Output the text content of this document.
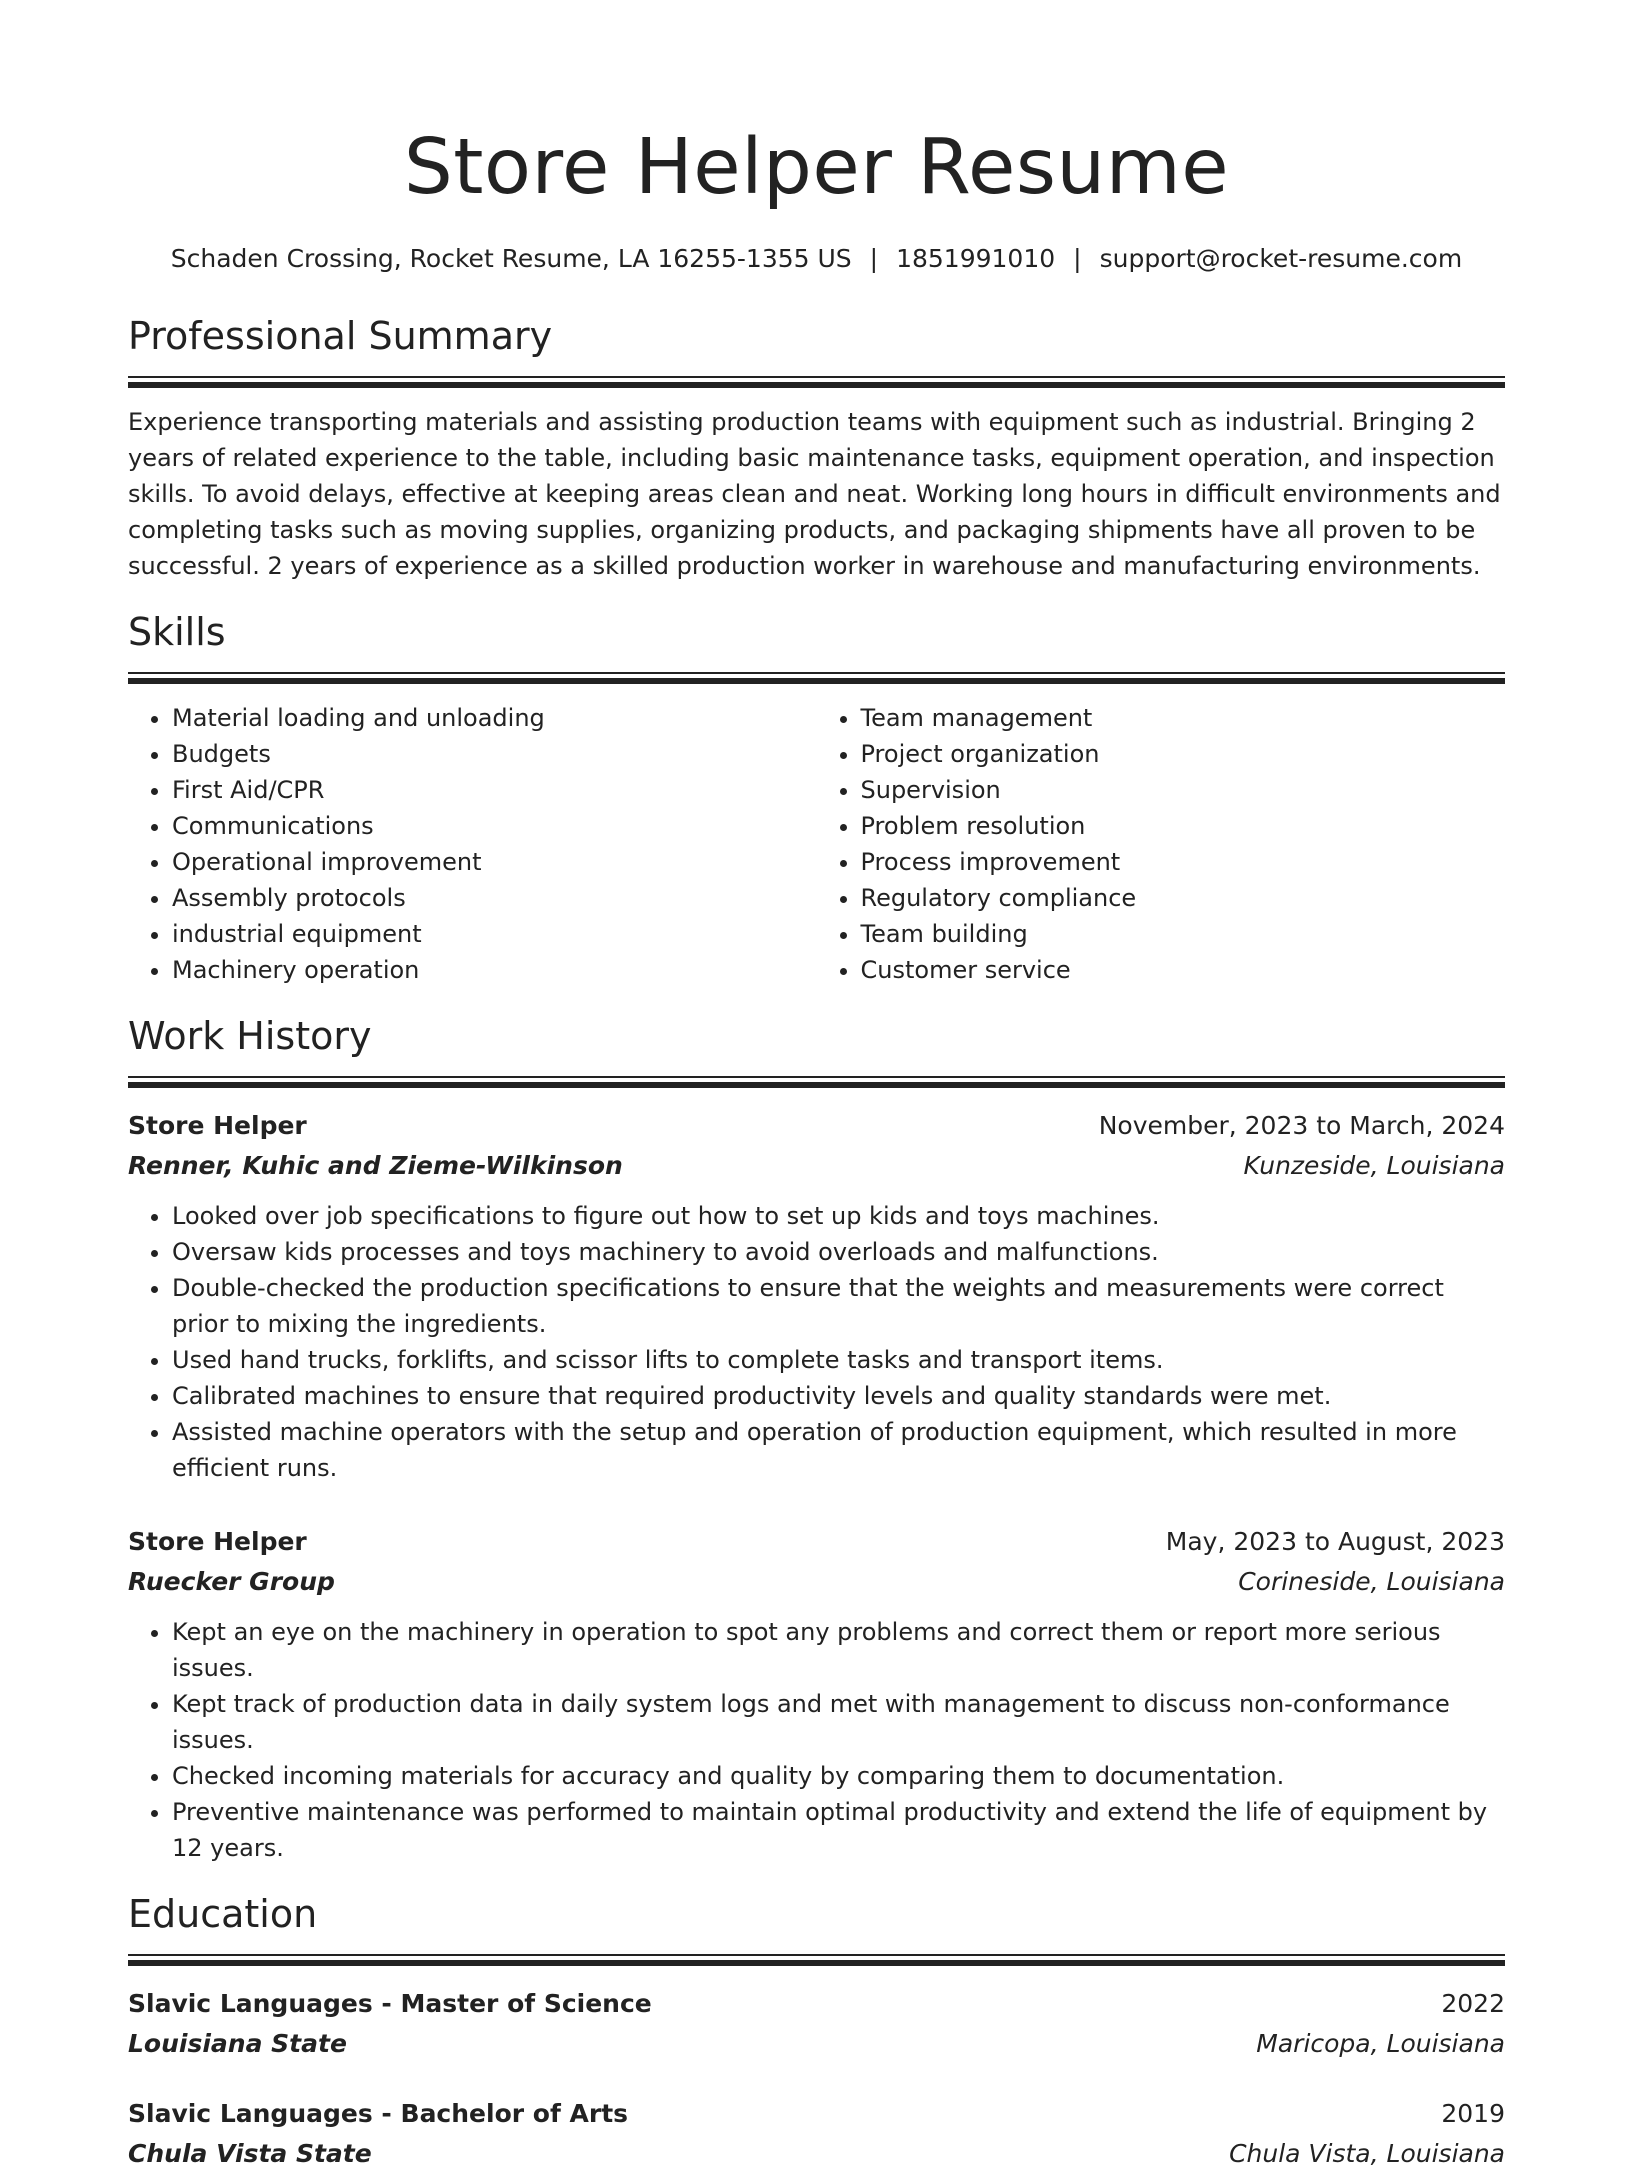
Store Helper Resume
Schaden Crossing, Rocket Resume, LA 16255-1355 US | 1851991010 | support@rocket-resume.com
Professional Summary

Experience transporting materials and assisting production teams with equipment such as industrial. Bringing 2 years of related experience to the table, including basic maintenance tasks, equipment operation, and inspection skills. To avoid delays, effective at keeping areas clean and neat. Working long hours in difficult environments and completing tasks such as moving supplies, organizing products, and packaging shipments have all proven to be successful. 2 years of experience as a skilled production worker in warehouse and manufacturing environments.

Skills
• Material loading and unloading
• Budgets
• First Aid/CPR
• Communications
• Operational improvement
• Assembly protocols
• industrial equipment
• Machinery operation
• Team management
• Project organization
• Supervision
• Problem resolution
• Process improvement
• Regulatory compliance
• Team building
• Customer service
Work History
Store Helper	November, 2023 to March, 2024
Renner, Kuhic and Zieme-Wilkinson	Kunzeside, Louisiana
• Looked over job specifications to figure out how to set up kids and toys machines.
• Oversaw kids processes and toys machinery to avoid overloads and malfunctions.
• Double-checked the production specifications to ensure that the weights and measurements were correct prior to mixing the ingredients.
• Used hand trucks, forklifts, and scissor lifts to complete tasks and transport items.
• Calibrated machines to ensure that required productivity levels and quality standards were met.
• Assisted machine operators with the setup and operation of production equipment, which resulted in more efficient runs.
Store Helper	May, 2023 to August, 2023
Ruecker Group	Corineside, Louisiana
• Kept an eye on the machinery in operation to spot any problems and correct them or report more serious issues.
• Kept track of production data in daily system logs and met with management to discuss non-conformance issues.
• Checked incoming materials for accuracy and quality by comparing them to documentation.
• Preventive maintenance was performed to maintain optimal productivity and extend the life of equipment by 12 years.
Education
Slavic Languages - Master of Science	2022
Louisiana State	Maricopa, Louisiana
Slavic Languages - Bachelor of Arts	2019
Chula Vista State	Chula Vista, Louisiana
